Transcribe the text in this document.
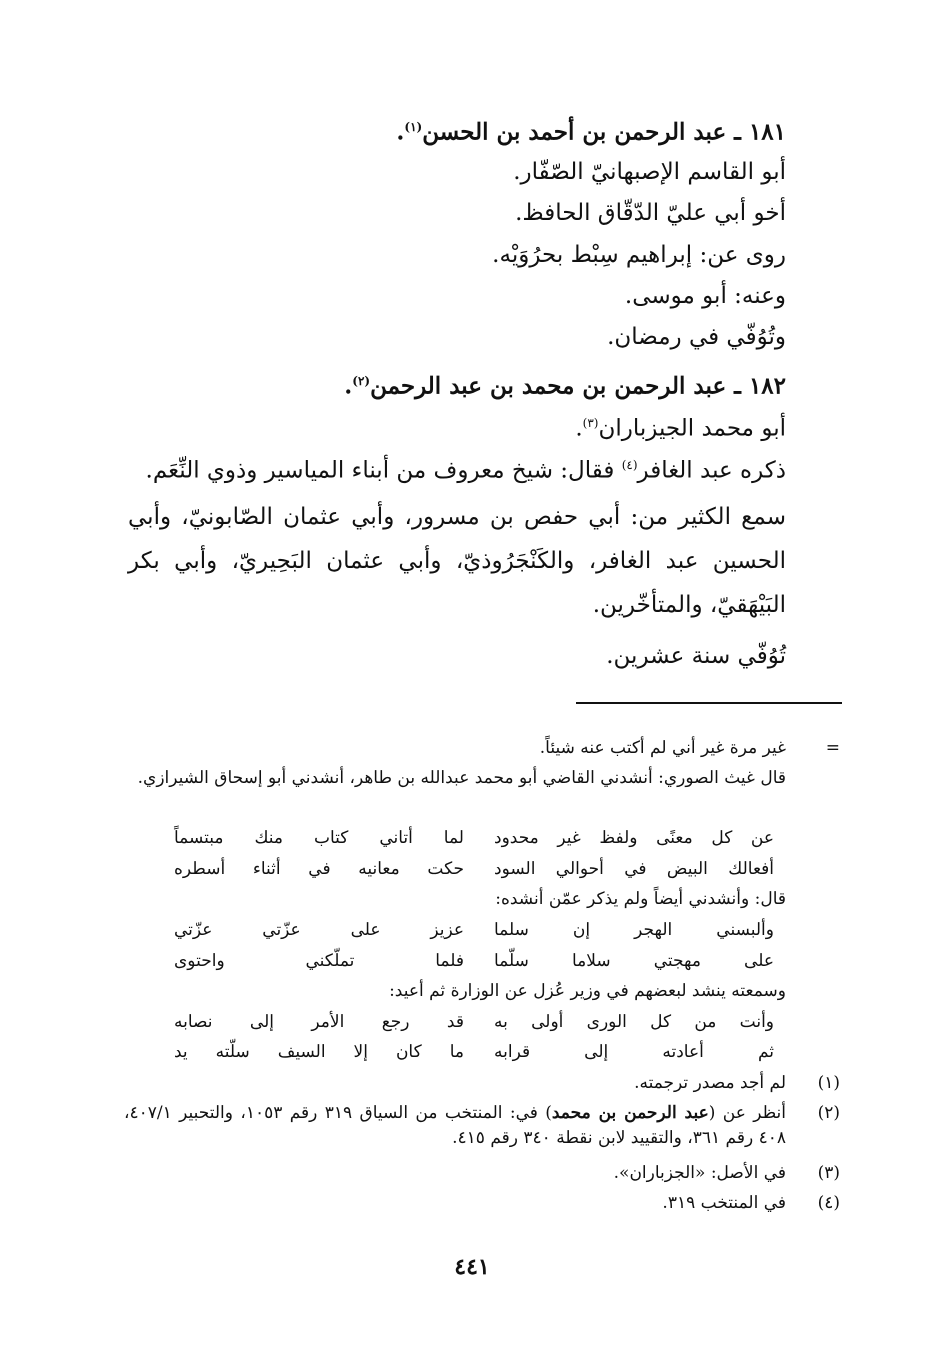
١٨١ ـ عبد الرحمن بن أحمد بن الحسن$^{(١)}$.
أبو القاسم الإصبهانيّ الصّفّار.
أخو أبي عليّ الدّقّاق الحافظ.
روى عن: إبراهيم سِبْط بحرُوَيْه.
وعنه: أبو موسى.
وتُوُفّي في رمضان.
١٨٢ ـ عبد الرحمن بن محمد بن عبد الرحمن$^{(٢)}$.
أبو محمد الجيزباران$^{(٣)}$.
ذكره عبد الغافر$^{(٤)}$ فقال: شيخ معروف من أبناء المياسير وذوي النِّعَم.
سمع الكثير من: أبي حفص بن مسرور، وأبي عثمان الصّابونيّ، وأبي الحسين عبد الغافر، والكَنْجَرُوذيّ، وأبي عثمان البَحِيريّ، وأبي بكر البَيْهَقيّ، والمتأخّرين.
تُوُفّي سنة عشرين.
=
غير مرة غير أني لم أكتب عنه شيئاً.
قال غيث الصوري: أنشدني القاضي أبو محمد عبدالله بن طاهر، أنشدني أبو إسحاق الشيرازي.
لما أتاني كتاب منك مبتسماً عن كل معنًى ولفظ غير محدود
حكت معانيه في أثناء أسطره أفعالك البيض في أحوالي السود
قال: وأنشدني أيضاً ولم يذكر عمّن أنشده:
عزيز على عزّتي عزّتي وألبسني الهجر إن سلما
فلما تملّكني واحتوى على مهجتي سلاما سلّما
وسمعته ينشد لبعضهم في وزير عُزل عن الوزارة ثم أعيد:
قد رجع الأمر إلى نصابه وأنت من كل الورى أولى به
ما كان إلا السيف سلّته يد ثم أعادته إلى قرابه
(١)
لم أجد مصدر ترجمته.
(٢)
أنظر عن (عبد الرحمن بن محمد) في: المنتخب من السياق ٣١٩ رقم ١٠٥٣، والتحبير ٤٠٧/١، ٤٠٨ رقم ٣٦١، والتقييد لابن نقطة ٣٤٠ رقم ٤١٥.
(٣)
في الأصل: «الجزباران».
(٤)
في المنتخب ٣١٩.
٤٤١
